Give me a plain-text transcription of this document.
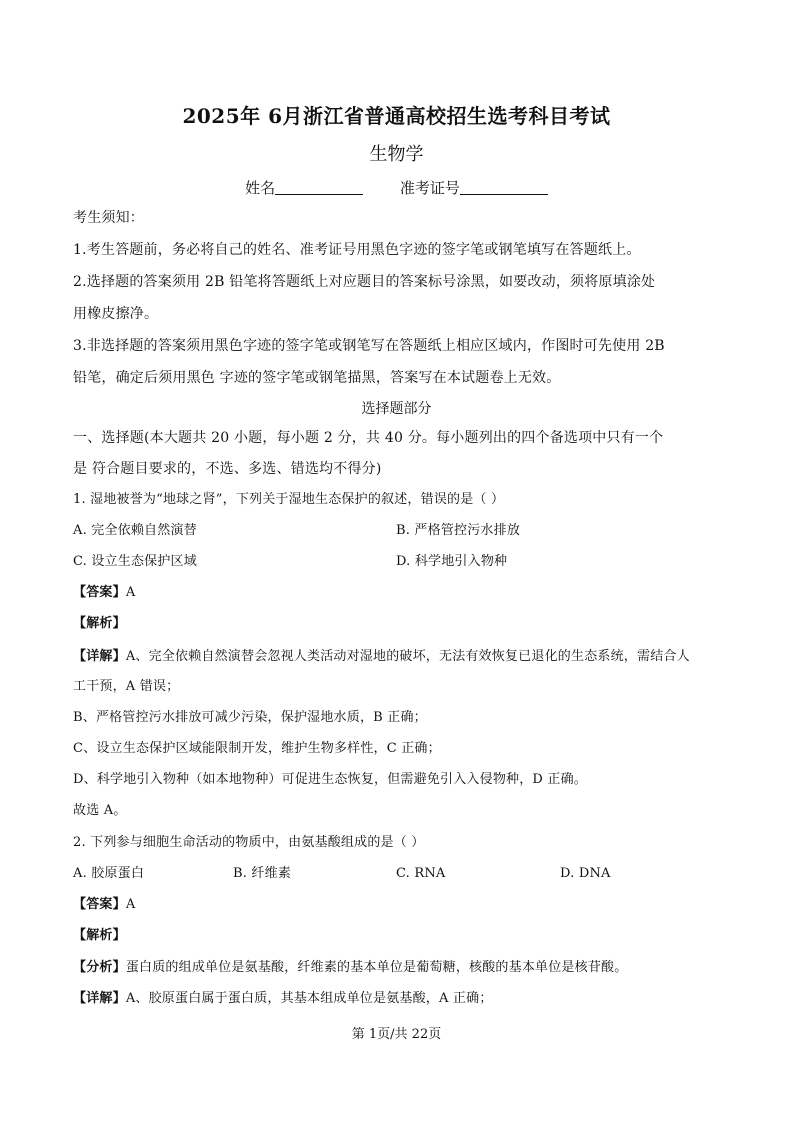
2025年 6月浙江省普通高校招生选考科目考试
生物学
姓名	准考证号
考生须知：
1.考生答题前，务必将自己的姓名、准考证号用黑色字迹的签字笔或钢笔填写在答题纸上。
2.选择题的答案须用 2B 铅笔将答题纸上对应题目的答案标号涂黑，如要改动，须将原填涂处
用橡皮擦净。
3.非选择题的答案须用黑色字迹的签字笔或钢笔写在答题纸上相应区域内，作图时可先使用 2B
铅笔，确定后须用黑色 字迹的签字笔或钢笔描黑，答案写在本试题卷上无效。
选择题部分
一、选择题(本大题共 20 小题，每小题 2 分，共 40 分。每小题列出的四个备选项中只有一个
是 符合题目要求的，不选、多选、错选均不得分)
1. 湿地被誉为“地球之肾”，下列关于湿地生态保护的叙述，错误的是（ ）
A. 完全依赖自然演替	B. 严格管控污水排放
C. 设立生态保护区域	D. 科学地引入物种
【答案】A
【解析】
【详解】A、完全依赖自然演替会忽视人类活动对湿地的破坏，无法有效恢复已退化的生态系统，需结合人
工干预，A 错误；
B、严格管控污水排放可减少污染，保护湿地水质，B 正确；
C、设立生态保护区域能限制开发，维护生物多样性，C 正确；
D、科学地引入物种（如本地物种）可促进生态恢复，但需避免引入入侵物种，D 正确。
故选 A。
2. 下列参与细胞生命活动的物质中，由氨基酸组成的是（ ）
A. 胶原蛋白	B. 纤维素	C. RNA	D. DNA
【答案】A
【解析】
【分析】蛋白质的组成单位是氨基酸，纤维素的基本单位是葡萄糖，核酸的基本单位是核苷酸。
【详解】A、胶原蛋白属于蛋白质，其基本组成单位是氨基酸，A 正确；
第 1页/共 22页
